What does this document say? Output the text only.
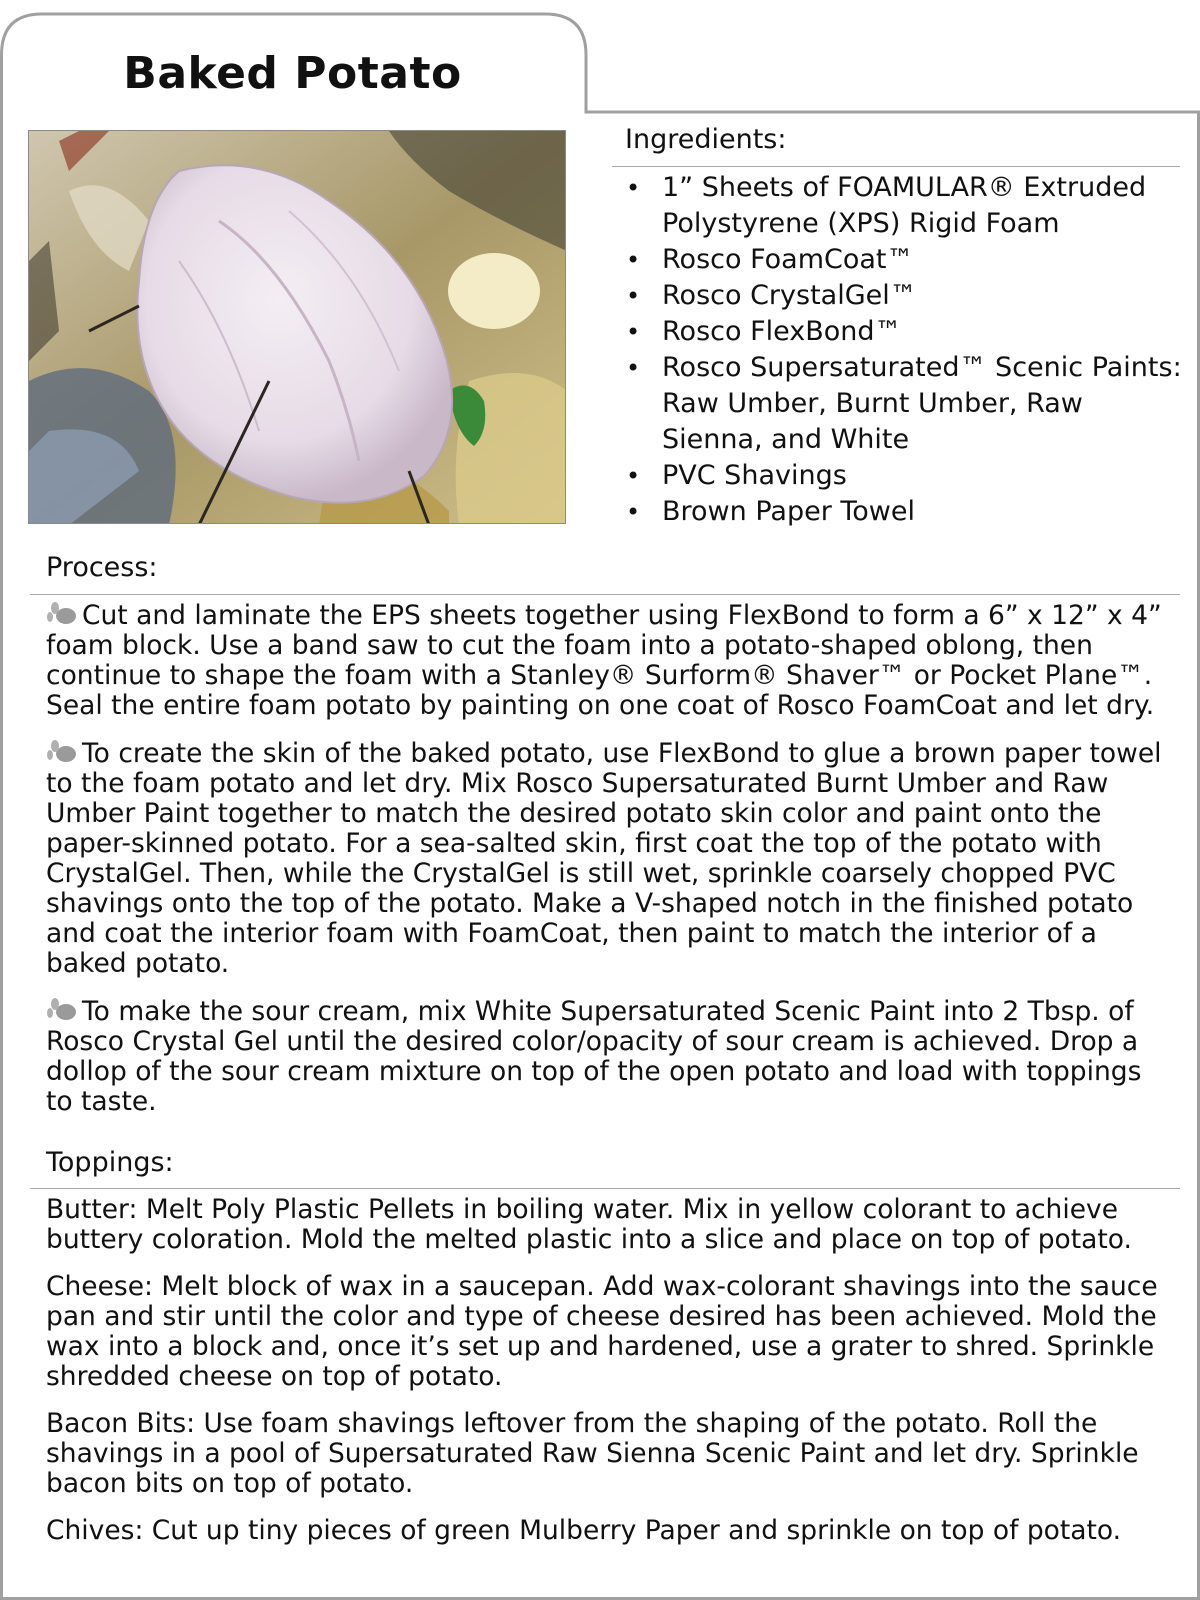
Baked Potato
Ingredients:
• 1” Sheets of FOAMULAR® Extruded Polystyrene (XPS) Rigid Foam
• Rosco FoamCoat™
• Rosco CrystalGel™
• Rosco FlexBond™
• Rosco Supersaturated™ Scenic Paints: Raw Umber, Burnt Umber, Raw Sienna, and White
• PVC Shavings
• Brown Paper Towel
Process:

Cut and laminate the EPS sheets together using FlexBond to form a 6” x 12” x 4” foam block. Use a band saw to cut the foam into a potato-shaped oblong, then continue to shape the foam with a Stanley® Surform® Shaver™ or Pocket Plane™. Seal the entire foam potato by painting on one coat of Rosco FoamCoat and let dry.

To create the skin of the baked potato, use FlexBond to glue a brown paper towel to the foam potato and let dry. Mix Rosco Supersaturated Burnt Umber and Raw Umber Paint together to match the desired potato skin color and paint onto the paper-skinned potato. For a sea-salted skin, first coat the top of the potato with CrystalGel. Then, while the CrystalGel is still wet, sprinkle coarsely chopped PVC shavings onto the top of the potato. Make a V-shaped notch in the finished potato and coat the interior foam with FoamCoat, then paint to match the interior of a baked potato.

To make the sour cream, mix White Supersaturated Scenic Paint into 2 Tbsp. of Rosco Crystal Gel until the desired color/opacity of sour cream is achieved. Drop a dollop of the sour cream mixture on top of the open potato and load with toppings to taste.

Toppings:

Butter: Melt Poly Plastic Pellets in boiling water. Mix in yellow colorant to achieve buttery coloration. Mold the melted plastic into a slice and place on top of potato.

Cheese: Melt block of wax in a saucepan. Add wax-colorant shavings into the sauce pan and stir until the color and type of cheese desired has been achieved. Mold the wax into a block and, once it’s set up and hardened, use a grater to shred. Sprinkle shredded cheese on top of potato.

Bacon Bits: Use foam shavings leftover from the shaping of the potato. Roll the shavings in a pool of Supersaturated Raw Sienna Scenic Paint and let dry. Sprinkle bacon bits on top of potato.

Chives: Cut up tiny pieces of green Mulberry Paper and sprinkle on top of potato.
